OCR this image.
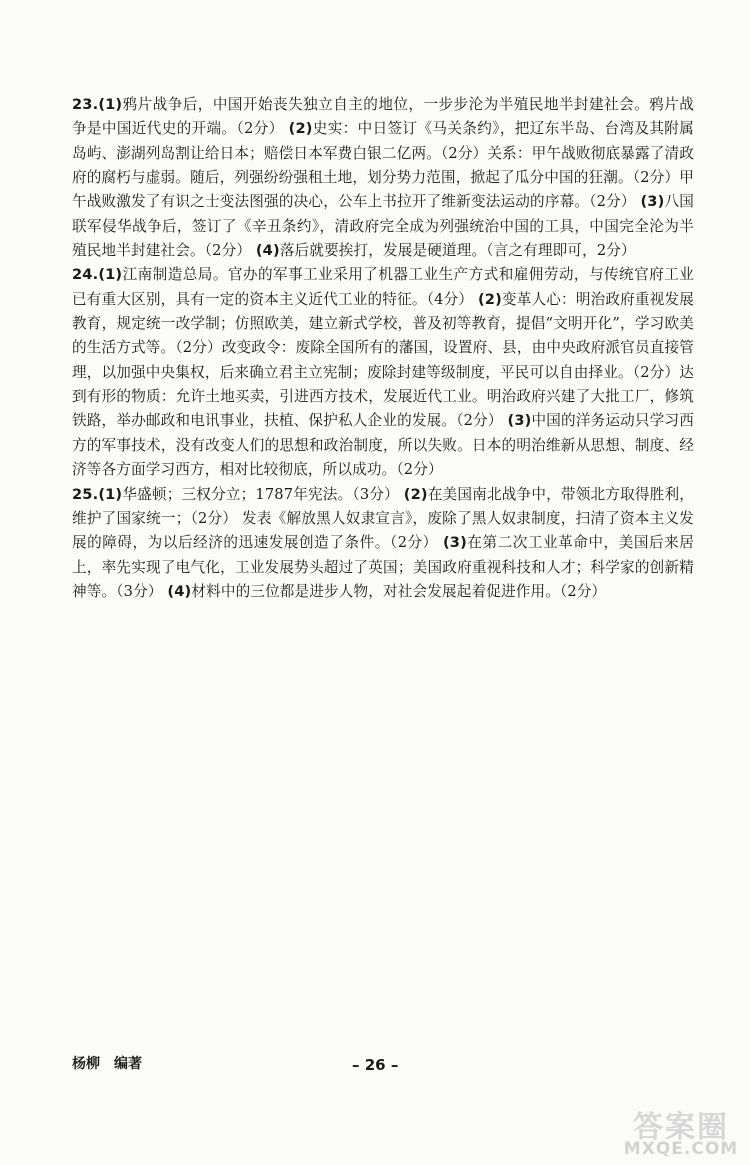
23.(1)鸦片战争后，中国开始丧失独立自主的地位，一步步沦为半殖民地半封建社会。鸦片战争是中国近代史的开端。（2分） (2)史实：中日签订《马关条约》，把辽东半岛、台湾及其附属岛屿、澎湖列岛割让给日本；赔偿日本军费白银二亿两。（2分）关系：甲午战败彻底暴露了清政府的腐朽与虚弱。随后，列强纷纷强租土地，划分势力范围，掀起了瓜分中国的狂潮。（2分）甲午战败激发了有识之士变法图强的决心，公车上书拉开了维新变法运动的序幕。（2分） (3)八国联军侵华战争后，签订了《辛丑条约》，清政府完全成为列强统治中国的工具，中国完全沦为半殖民地半封建社会。（2分） (4)落后就要挨打，发展是硬道理。（言之有理即可，2分）

24.(1)江南制造总局。官办的军事工业采用了机器工业生产方式和雇佣劳动，与传统官府工业已有重大区别，具有一定的资本主义近代工业的特征。（4分） (2)变革人心：明治政府重视发展教育，规定统一改学制；仿照欧美，建立新式学校，普及初等教育，提倡“文明开化”，学习欧美的生活方式等。（2分）改变政令：废除全国所有的藩国，设置府、县，由中央政府派官员直接管理，以加强中央集权，后来确立君主立宪制；废除封建等级制度，平民可以自由择业。（2分）达到有形的物质：允许土地买卖，引进西方技术，发展近代工业。明治政府兴建了大批工厂，修筑铁路，举办邮政和电讯事业，扶植、保护私人企业的发展。（2分） (3)中国的洋务运动只学习西方的军事技术，没有改变人们的思想和政治制度，所以失败。日本的明治维新从思想、制度、经济等各方面学习西方，相对比较彻底，所以成功。（2分）

25.(1)华盛顿；三权分立；1787年宪法。（3分） (2)在美国南北战争中，带领北方取得胜利，维护了国家统一；（2分） 发表《解放黑人奴隶宣言》，废除了黑人奴隶制度，扫清了资本主义发展的障碍，为以后经济的迅速发展创造了条件。（2分） (3)在第二次工业革命中，美国后来居上，率先实现了电气化，工业发展势头超过了英国；美国政府重视科技和人才；科学家的创新精神等。（3分） (4)材料中的三位都是进步人物，对社会发展起着促进作用。（2分）

杨柳　编著	– 26 –
答案圈
MXQE.COM
